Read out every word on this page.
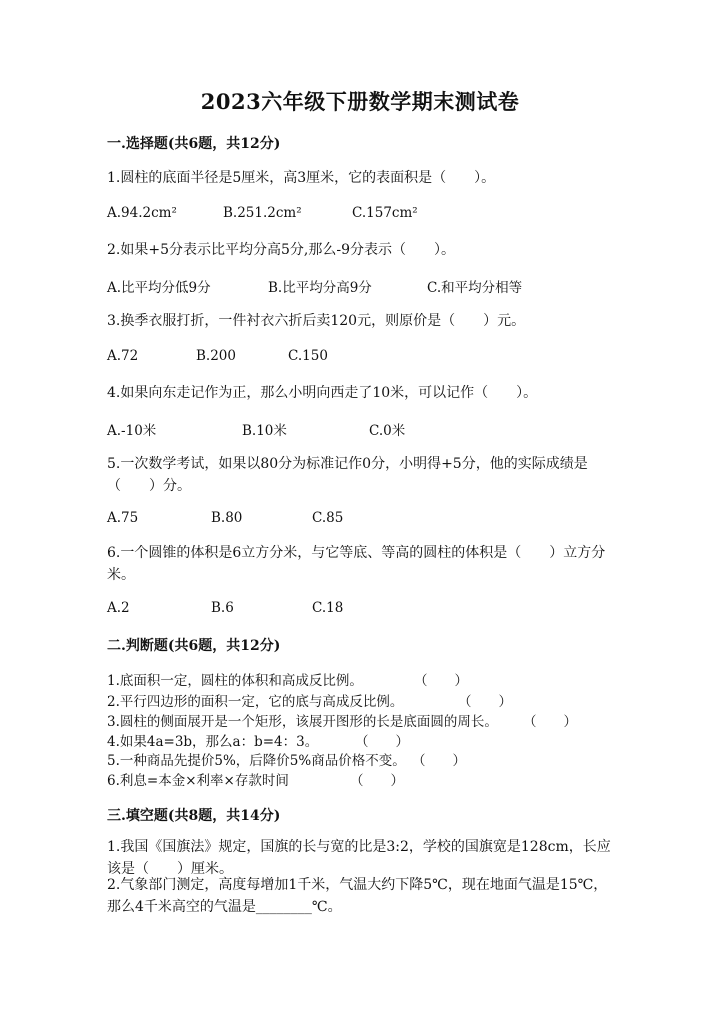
2023六年级下册数学期末测试卷
一.选择题(共6题，共12分)
1.圆柱的底面半径是5厘米，高3厘米，它的表面积是（　　）。
A.94.2cm²	B.251.2cm²	C.157cm²
2.如果+5分表示比平均分高5分,那么-9分表示（　　）。
A.比平均分低9分	B.比平均分高9分	C.和平均分相等
3.换季衣服打折，一件衬衣六折后卖120元，则原价是（　　）元。
A.72	B.200	C.150
4.如果向东走记作为正，那么小明向西走了10米，可以记作（　　）。
A.-10米	B.10米	C.0米
5.一次数学考试，如果以80分为标准记作0分，小明得+5分，他的实际成绩是（　　）分。
A.75	B.80	C.85
6.一个圆锥的体积是6立方分米，与它等底、等高的圆柱的体积是（　　）立方分米。
A.2	B.6	C.18
二.判断题(共6题，共12分)
1.底面积一定，圆柱的体积和高成反比例。	（　　）
2.平行四边形的面积一定，它的底与高成反比例。	（　　）
3.圆柱的侧面展开是一个矩形，该展开图形的长是底面圆的周长。 （　　）
4.如果4a=3b，那么a：b=4：3。	（　　）
5.一种商品先提价5%，后降价5%商品价格不变。 （　　）
6.利息=本金×利率×存款时间	（　　）
三.填空题(共8题，共14分)
1.我国《国旗法》规定，国旗的长与宽的比是3:2，学校的国旗宽是128cm，长应该是（　　）厘米。
2.气象部门测定，高度每增加1千米，气温大约下降5℃，现在地面气温是15℃，那么4千米高空的气温是________℃。
